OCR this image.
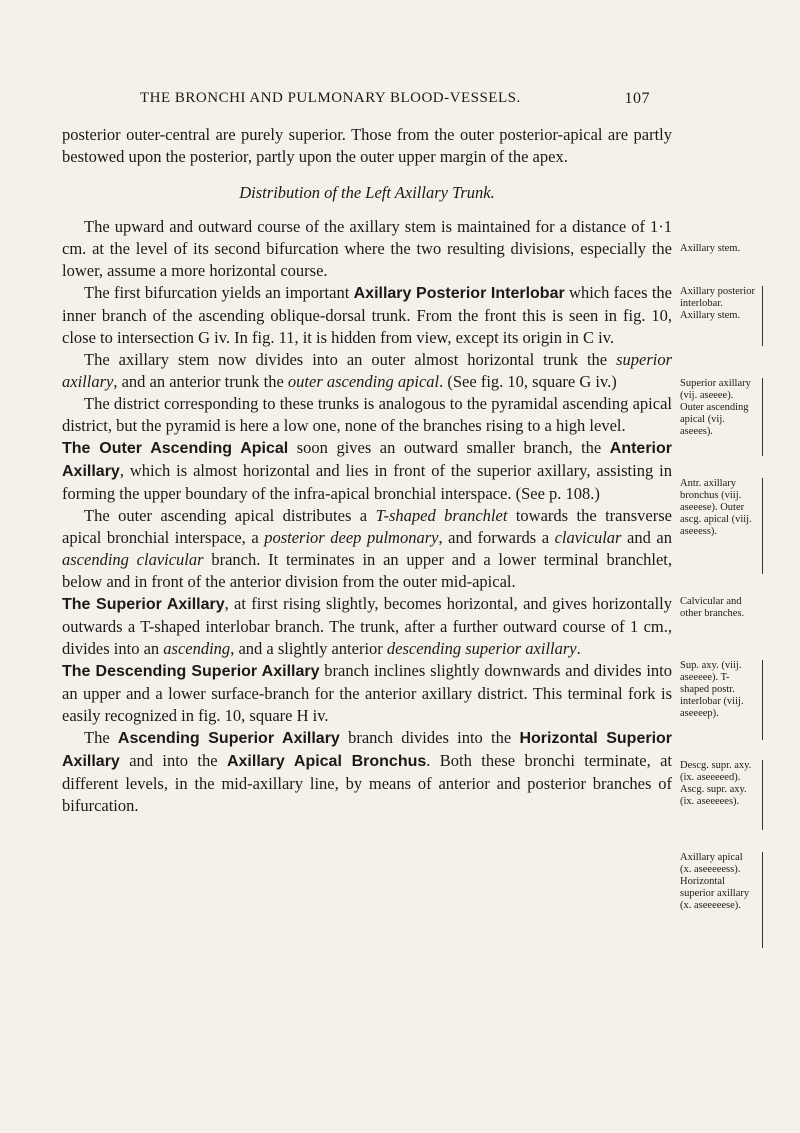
THE BRONCHI AND PULMONARY BLOOD-VESSELS.	107

posterior outer-central are purely superior. Those from the outer posterior-apical are partly bestowed upon the posterior, partly upon the outer upper margin of the apex.

Distribution of the Left Axillary Trunk.

The upward and outward course of the axillary stem is maintained for a distance of 1·1 cm. at the level of its second bifurcation where the two resulting divisions, especially the lower, assume a more horizontal course.

The first bifurcation yields an important Axillary Posterior Interlobar which faces the inner branch of the ascending oblique-dorsal trunk. From the front this is seen in fig. 10, close to intersection G iv. In fig. 11, it is hidden from view, except its origin in C iv.

The axillary stem now divides into an outer almost horizontal trunk the superior axillary, and an anterior trunk the outer ascending apical. (See fig. 10, square G iv.)

The district corresponding to these trunks is analogous to the pyramidal ascending apical district, but the pyramid is here a low one, none of the branches rising to a high level.

The Outer Ascending Apical soon gives an outward smaller branch, the Anterior Axillary, which is almost horizontal and lies in front of the superior axillary, assisting in forming the upper boundary of the infra-apical bronchial interspace. (See p. 108.)

The outer ascending apical distributes a T-shaped branchlet towards the transverse apical bronchial interspace, a posterior deep pulmonary, and forwards a clavicular and an ascending clavicular branch. It terminates in an upper and a lower terminal branchlet, below and in front of the anterior division from the outer mid-apical.

The Superior Axillary, at first rising slightly, becomes horizontal, and gives horizontally outwards a T-shaped interlobar branch. The trunk, after a further outward course of 1 cm., divides into an ascending, and a slightly anterior descending superior axillary.

The Descending Superior Axillary branch inclines slightly downwards and divides into an upper and a lower surface-branch for the anterior axillary district. This terminal fork is easily recognized in fig. 10, square H iv.

The Ascending Superior Axillary branch divides into the Horizontal Superior Axillary and into the Axillary Apical Bronchus. Both these bronchi terminate, at different levels, in the mid-axillary line, by means of anterior and posterior branches of bifurcation.

Axillary stem.
Axillary posterior interlobar. Axillary stem.
Superior axillary (vij. aseeee). Outer ascending apical (vij. aseees).
Antr. axillary bronchus (viij. aseeese). Outer ascg. apical (viij. aseeess).
Calvicular and other branches.
Sup. axy. (viij. aseeeee). T-shaped postr. interlobar (viij. aseeeep).
Descg. supr. axy. (ix. aseeeeed). Ascg. supr. axy. (ix. aseeeees).
Axillary apical (x. aseeeeess). Horizontal superior axillary (x. aseeeeese).
